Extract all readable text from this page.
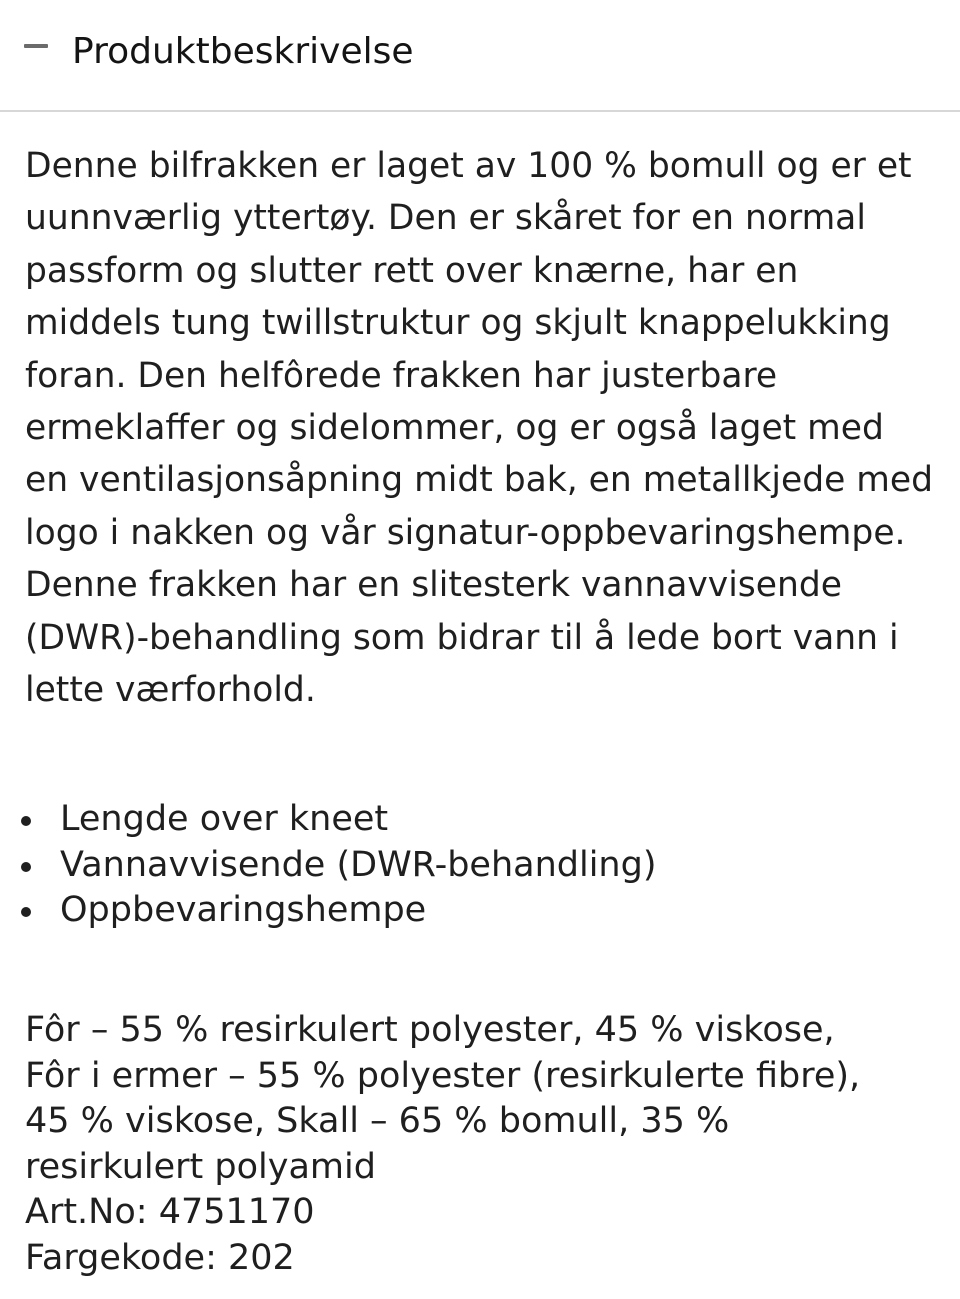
Produktbeskrivelse

Denne bilfrakken er laget av 100 % bomull og er et uunnværlig yttertøy. Den er skåret for en normal passform og slutter rett over knærne, har en middels tung twillstruktur og skjult knappelukking foran. Den helfôrede frakken har justerbare ermeklaffer og sidelommer, og er også laget med en ventilasjonsåpning midt bak, en metallkjede med logo i nakken og vår signatur-oppbevaringshempe. Denne frakken har en slitesterk vannavvisende (DWR)-behandling som bidrar til å lede bort vann i lette værforhold.

Lengde over kneet
Vannavvisende (DWR-behandling)
Oppbevaringshempe
Fôr – 55 % resirkulert polyester, 45 % viskose,
Fôr i ermer – 55 % polyester (resirkulerte fibre),
45 % viskose, Skall – 65 % bomull, 35 %
resirkulert polyamid
Art.No: 4751170
Fargekode: 202
